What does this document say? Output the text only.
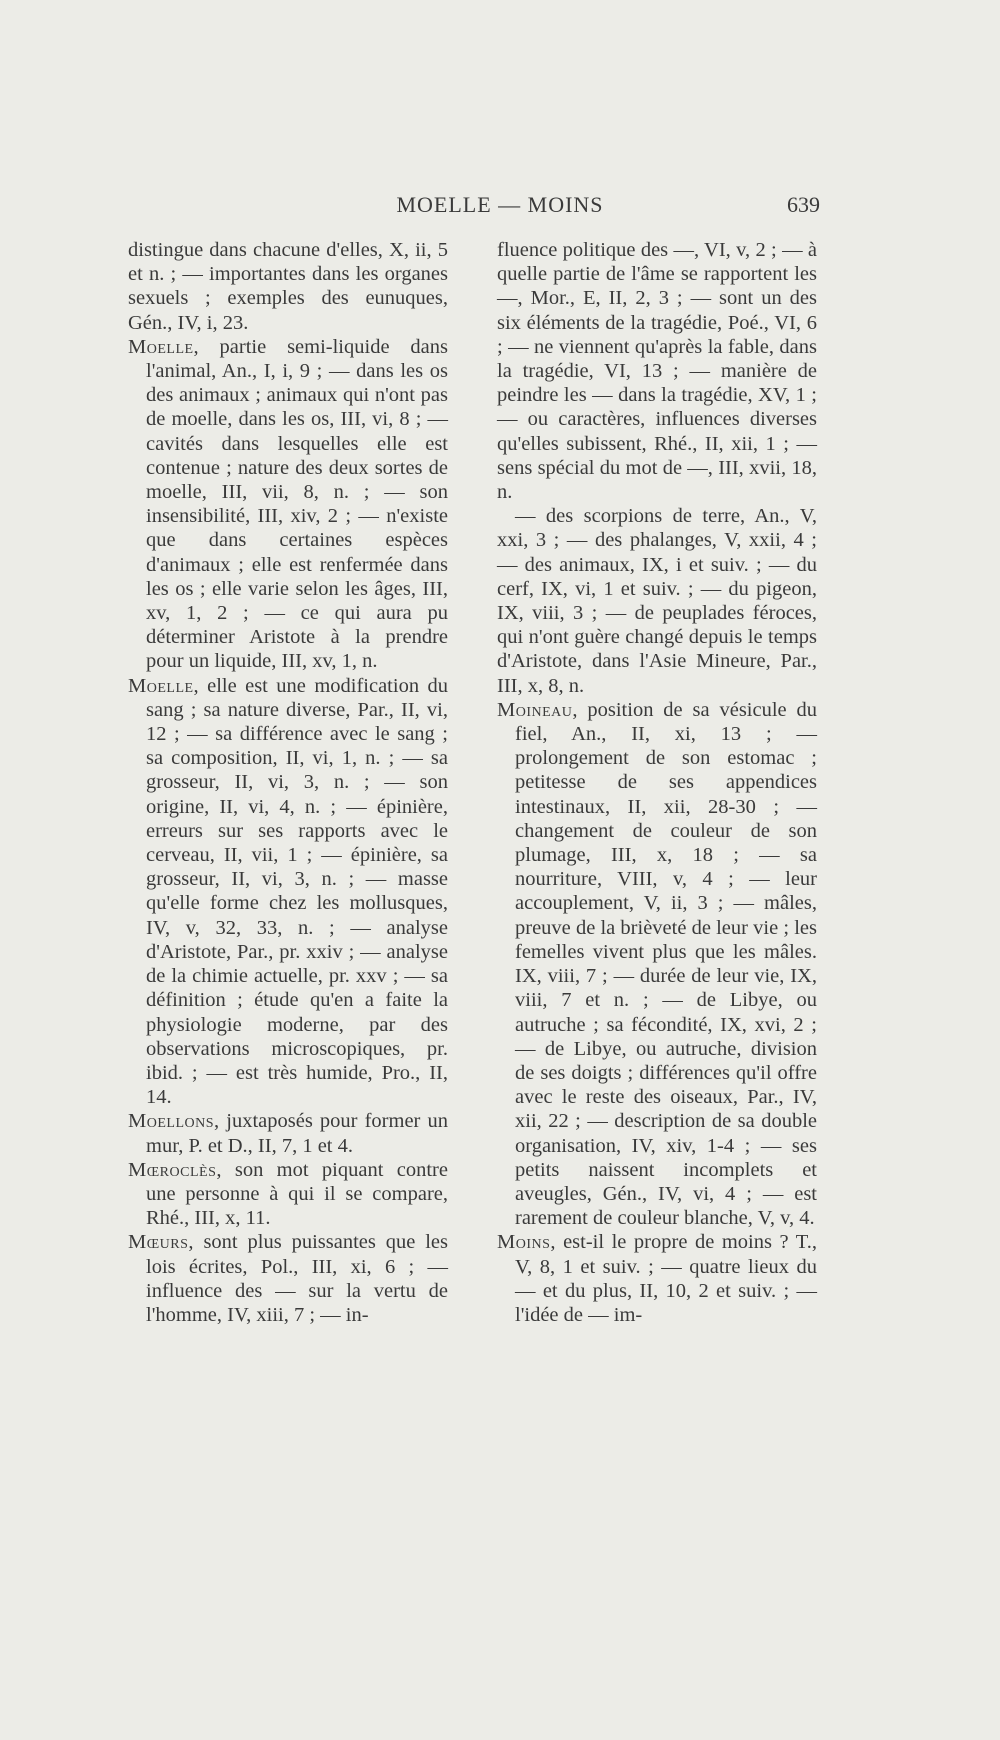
MOELLE — MOINS	639

distingue dans chacune d'elles, X, ii, 5 et n. ; — importantes dans les organes sexuels ; exemples des eunuques, Gén., IV, i, 23.

Moelle, partie semi-liquide dans l'animal, An., I, i, 9 ; — dans les os des animaux ; animaux qui n'ont pas de moelle, dans les os, III, vi, 8 ; — cavités dans lesquelles elle est contenue ; nature des deux sortes de moelle, III, vii, 8, n. ; — son insensibilité, III, xiv, 2 ; — n'existe que dans certaines espèces d'animaux ; elle est renfermée dans les os ; elle varie selon les âges, III, xv, 1, 2 ; — ce qui aura pu déterminer Aristote à la prendre pour un liquide, III, xv, 1, n.

Moelle, elle est une modification du sang ; sa nature diverse, Par., II, vi, 12 ; — sa différence avec le sang ; sa composition, II, vi, 1, n. ; — sa grosseur, II, vi, 3, n. ; — son origine, II, vi, 4, n. ; — épinière, erreurs sur ses rapports avec le cerveau, II, vii, 1 ; — épinière, sa grosseur, II, vi, 3, n. ; — masse qu'elle forme chez les mollusques, IV, v, 32, 33, n. ; — analyse d'Aristote, Par., pr. xxiv ; — analyse de la chimie actuelle, pr. xxv ; — sa définition ; étude qu'en a faite la physiologie moderne, par des observations microscopiques, pr. ibid. ; — est très humide, Pro., II, 14.

Moellons, juxtaposés pour former un mur, P. et D., II, 7, 1 et 4.

Mœroclès, son mot piquant contre une personne à qui il se compare, Rhé., III, x, 11.

Mœurs, sont plus puissantes que les lois écrites, Pol., III, xi, 6 ; — influence des — sur la vertu de l'homme, IV, xiii, 7 ; — in-

fluence politique des —, VI, v, 2 ; — à quelle partie de l'âme se rapportent les —, Mor., E, II, 2, 3 ; — sont un des six éléments de la tragédie, Poé., VI, 6 ; — ne viennent qu'après la fable, dans la tragédie, VI, 13 ; — manière de peindre les — dans la tragédie, XV, 1 ; — ou caractères, influences diverses qu'elles subissent, Rhé., II, xii, 1 ; — sens spécial du mot de —, III, xvii, 18, n.

— des scorpions de terre, An., V, xxi, 3 ; — des phalanges, V, xxii, 4 ; — des animaux, IX, i et suiv. ; — du cerf, IX, vi, 1 et suiv. ; — du pigeon, IX, viii, 3 ; — de peuplades féroces, qui n'ont guère changé depuis le temps d'Aristote, dans l'Asie Mineure, Par., III, x, 8, n.

Moineau, position de sa vésicule du fiel, An., II, xi, 13 ; — prolongement de son estomac ; petitesse de ses appendices intestinaux, II, xii, 28-30 ; — changement de couleur de son plumage, III, x, 18 ; — sa nourriture, VIII, v, 4 ; — leur accouplement, V, ii, 3 ; — mâles, preuve de la brièveté de leur vie ; les femelles vivent plus que les mâles. IX, viii, 7 ; — durée de leur vie, IX, viii, 7 et n. ; — de Libye, ou autruche ; sa fécondité, IX, xvi, 2 ; — de Libye, ou autruche, division de ses doigts ; différences qu'il offre avec le reste des oiseaux, Par., IV, xii, 22 ; — description de sa double organisation, IV, xiv, 1-4 ; — ses petits naissent incomplets et aveugles, Gén., IV, vi, 4 ; — est rarement de couleur blanche, V, v, 4.

Moins, est-il le propre de moins ? T., V, 8, 1 et suiv. ; — quatre lieux du — et du plus, II, 10, 2 et suiv. ; — l'idée de — im-
